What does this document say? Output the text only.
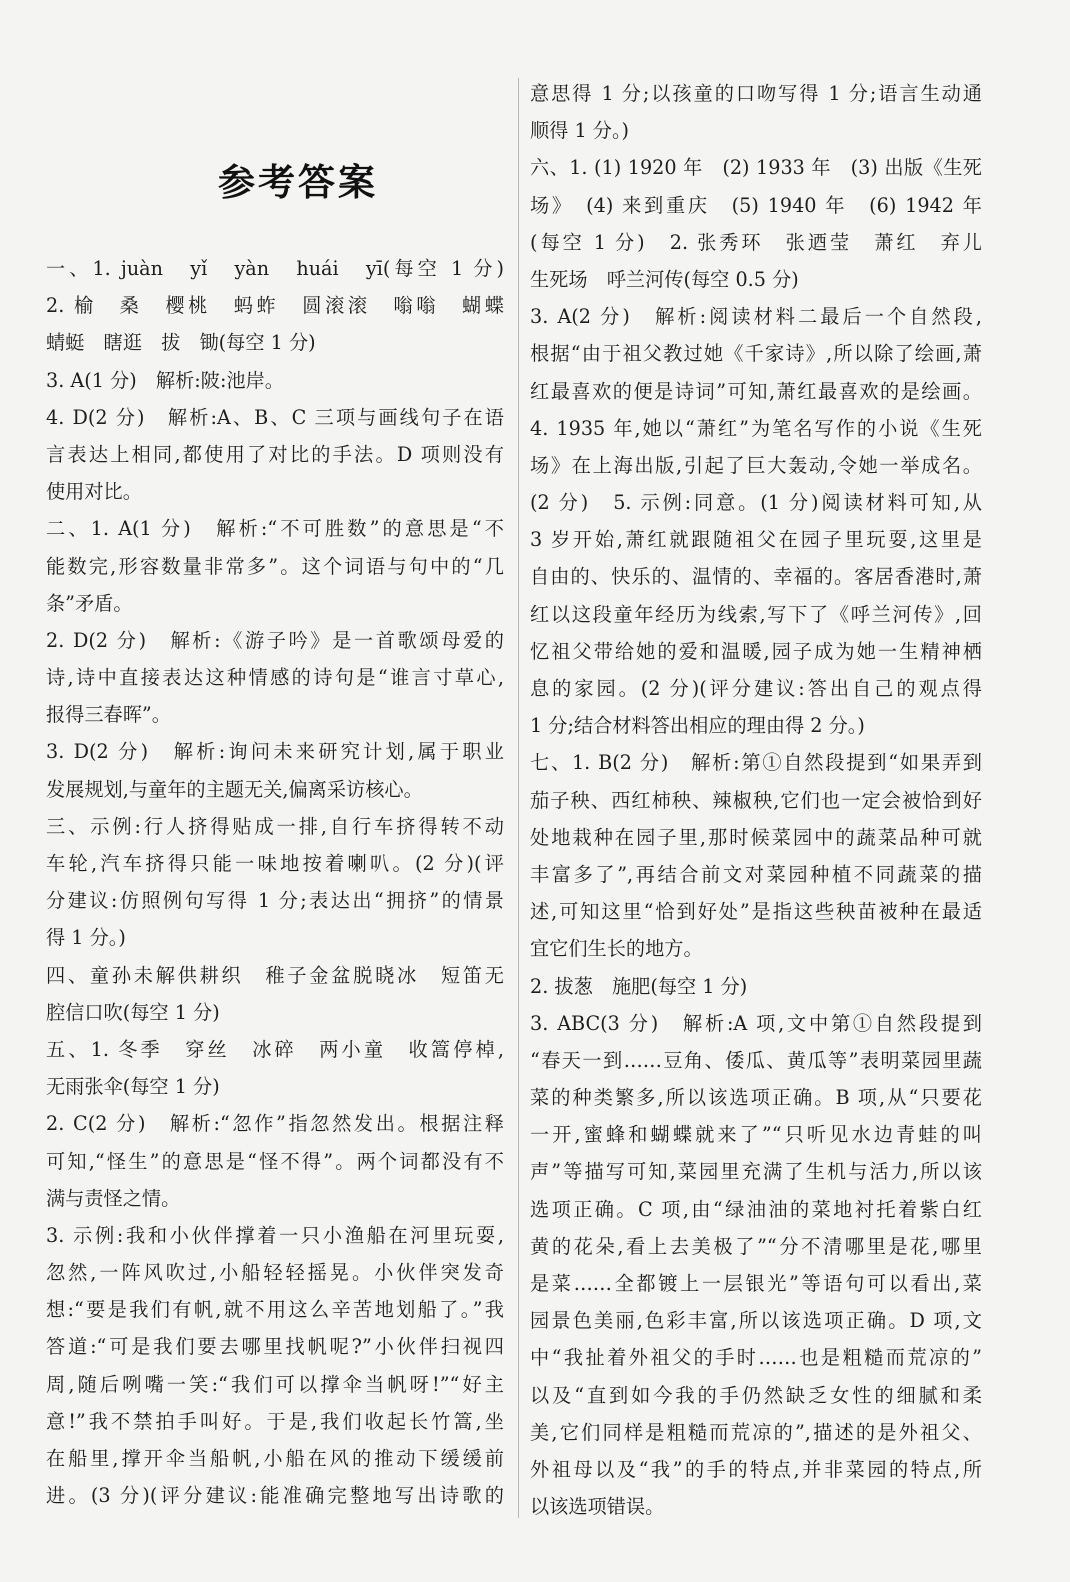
参考答案
一、1. juàn　yǐ　yàn　huái　yī(每空 1 分)
2. 榆　桑　樱桃　蚂蚱　圆滚滚　嗡嗡　蝴蝶
蜻蜓　瞎逛　拔　锄(每空 1 分)
3. A(1 分)　解析:陂:池岸。
4. D(2 分)　解析:A、B、C 三项与画线句子在语
言表达上相同,都使用了对比的手法。D 项则没有
使用对比。
二、1. A(1 分)　解析:“不可胜数”的意思是“不
能数完,形容数量非常多”。这个词语与句中的“几
条”矛盾。
2. D(2 分)　解析:《游子吟》是一首歌颂母爱的
诗,诗中直接表达这种情感的诗句是“谁言寸草心,
报得三春晖”。
3. D(2 分)　解析:询问未来研究计划,属于职业
发展规划,与童年的主题无关,偏离采访核心。
三、示例:行人挤得贴成一排,自行车挤得转不动
车轮,汽车挤得只能一味地按着喇叭。(2 分)(评
分建议:仿照例句写得 1 分;表达出“拥挤”的情景
得 1 分。)
四、童孙未解供耕织　稚子金盆脱晓冰　短笛无
腔信口吹(每空 1 分)
五、1. 冬季　穿丝　冰碎　两小童　收篙停棹,
无雨张伞(每空 1 分)
2. C(2 分)　解析:“忽作”指忽然发出。根据注释
可知,“怪生”的意思是“怪不得”。两个词都没有不
满与责怪之情。
3. 示例:我和小伙伴撑着一只小渔船在河里玩耍,
忽然,一阵风吹过,小船轻轻摇晃。小伙伴突发奇
想:“要是我们有帆,就不用这么辛苦地划船了。”我
答道:“可是我们要去哪里找帆呢?”小伙伴扫视四
周,随后咧嘴一笑:“我们可以撑伞当帆呀!”“好主
意!”我不禁拍手叫好。于是,我们收起长竹篙,坐
在船里,撑开伞当船帆,小船在风的推动下缓缓前
进。(3 分)(评分建议:能准确完整地写出诗歌的
意思得 1 分;以孩童的口吻写得 1 分;语言生动通
顺得 1 分。)
六、1. (1) 1920 年　(2) 1933 年　(3) 出版《生死
场》　(4) 来到重庆　(5) 1940 年　(6) 1942 年
(每空 1 分)　2. 张秀环　张迺莹　萧红　弃儿
生死场　呼兰河传(每空 0.5 分)
3. A(2 分)　解析:阅读材料二最后一个自然段,
根据“由于祖父教过她《千家诗》,所以除了绘画,萧
红最喜欢的便是诗词”可知,萧红最喜欢的是绘画。
4. 1935 年,她以“萧红”为笔名写作的小说《生死
场》在上海出版,引起了巨大轰动,令她一举成名。
(2 分)　5. 示例:同意。(1 分)阅读材料可知,从
3 岁开始,萧红就跟随祖父在园子里玩耍,这里是
自由的、快乐的、温情的、幸福的。客居香港时,萧
红以这段童年经历为线索,写下了《呼兰河传》,回
忆祖父带给她的爱和温暖,园子成为她一生精神栖
息的家园。(2 分)(评分建议:答出自己的观点得
1 分;结合材料答出相应的理由得 2 分。)
七、1. B(2 分)　解析:第①自然段提到“如果弄到
茄子秧、西红柿秧、辣椒秧,它们也一定会被恰到好
处地栽种在园子里,那时候菜园中的蔬菜品种可就
丰富多了”,再结合前文对菜园种植不同蔬菜的描
述,可知这里“恰到好处”是指这些秧苗被种在最适
宜它们生长的地方。
2. 拔葱　施肥(每空 1 分)
3. ABC(3 分)　解析:A 项,文中第①自然段提到
“春天一到……豆角、倭瓜、黄瓜等”表明菜园里蔬
菜的种类繁多,所以该选项正确。B 项,从“只要花
一开,蜜蜂和蝴蝶就来了”“只听见水边青蛙的叫
声”等描写可知,菜园里充满了生机与活力,所以该
选项正确。C 项,由“绿油油的菜地衬托着紫白红
黄的花朵,看上去美极了”“分不清哪里是花,哪里
是菜……全都镀上一层银光”等语句可以看出,菜
园景色美丽,色彩丰富,所以该选项正确。D 项,文
中“我扯着外祖父的手时……也是粗糙而荒凉的”
以及“直到如今我的手仍然缺乏女性的细腻和柔
美,它们同样是粗糙而荒凉的”,描述的是外祖父、
外祖母以及“我”的手的特点,并非菜园的特点,所
以该选项错误。
